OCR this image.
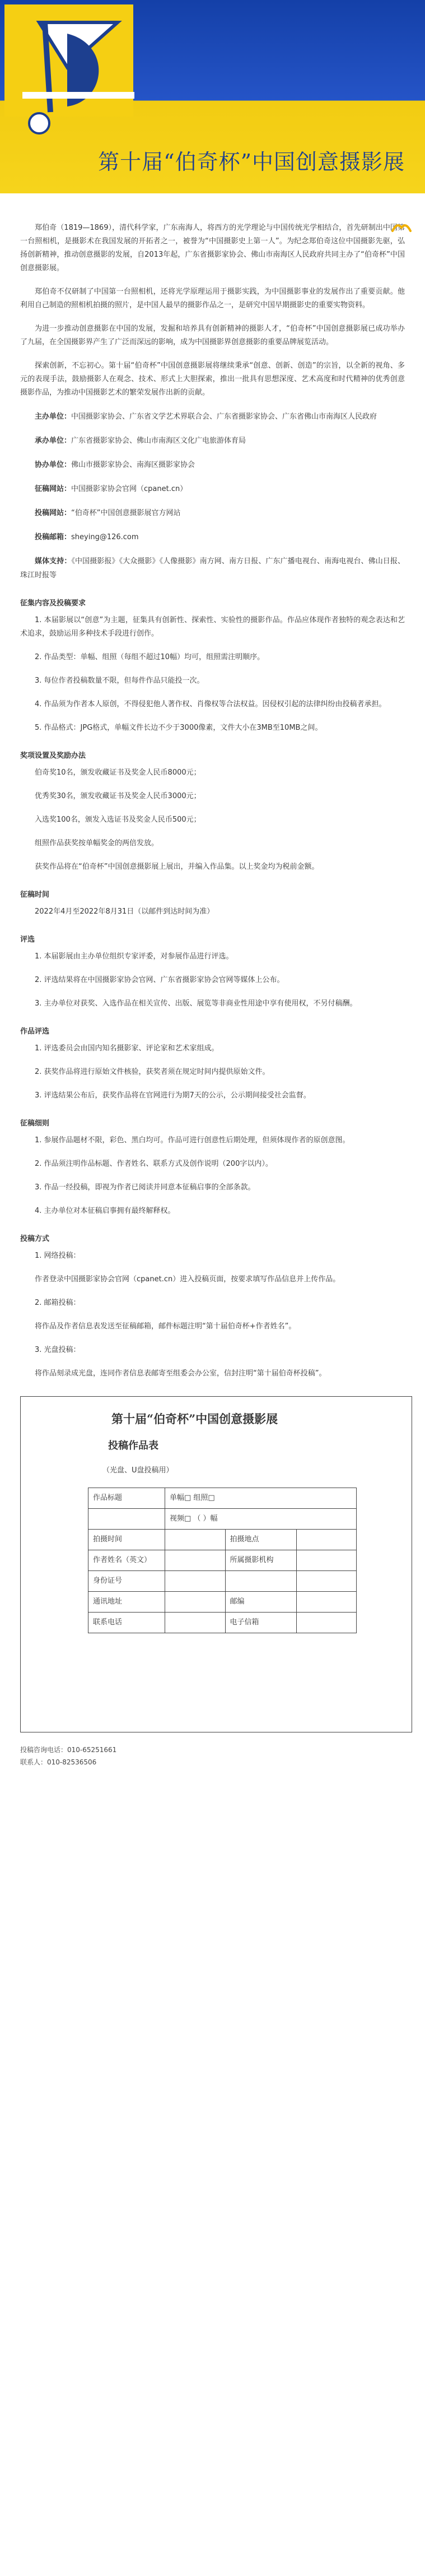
第十届“伯奇杯”中国创意摄影展

郑伯奇（1819—1869），清代科学家，广东南海人，将西方的光学理论与中国传统光学相结合，首先研制出中国第一台照相机，是摄影术在我国发展的开拓者之一，被誉为“中国摄影史上第一人”。为纪念郑伯奇这位中国摄影先驱，弘扬创新精神，推动创意摄影的发展，自2013年起，广东省摄影家协会、佛山市南海区人民政府共同主办了“伯奇杯”中国创意摄影展。

郑伯奇不仅研制了中国第一台照相机，还将光学原理运用于摄影实践，为中国摄影事业的发展作出了重要贡献。他利用自己制造的照相机拍摄的照片，是中国人最早的摄影作品之一，是研究中国早期摄影史的重要实物资料。

为进一步推动创意摄影在中国的发展，发掘和培养具有创新精神的摄影人才，“伯奇杯”中国创意摄影展已成功举办了九届，在全国摄影界产生了广泛而深远的影响，成为中国摄影界创意摄影的重要品牌展览活动。

探索创新，不忘初心。第十届“伯奇杯”中国创意摄影展将继续秉承“创意、创新、创造”的宗旨，以全新的视角、多元的表现手法，鼓励摄影人在观念、技术、形式上大胆探索，推出一批具有思想深度、艺术高度和时代精神的优秀创意摄影作品，为推动中国摄影艺术的繁荣发展作出新的贡献。

主办单位：中国摄影家协会、广东省文学艺术界联合会、广东省摄影家协会、广东省佛山市南海区人民政府

承办单位：广东省摄影家协会、佛山市南海区文化广电旅游体育局

协办单位：佛山市摄影家协会、南海区摄影家协会

征稿网站：中国摄影家协会官网（cpanet.cn）

投稿网站：“伯奇杯”中国创意摄影展官方网站

投稿邮箱：sheying@126.com

媒体支持：《中国摄影报》《大众摄影》《人像摄影》南方网、南方日报、广东广播电视台、南海电视台、佛山日报、珠江时报等

征集内容及投稿要求

1. 本届影展以“创意”为主题，征集具有创新性、探索性、实验性的摄影作品。作品应体现作者独特的观念表达和艺术追求，鼓励运用多种技术手段进行创作。

2. 作品类型：单幅、组照（每组不超过10幅）均可，组照需注明顺序。

3. 每位作者投稿数量不限，但每件作品只能投一次。

4. 作品须为作者本人原创，不得侵犯他人著作权、肖像权等合法权益。因侵权引起的法律纠纷由投稿者承担。

5. 作品格式：JPG格式，单幅文件长边不少于3000像素，文件大小在3MB至10MB之间。

奖项设置及奖励办法

伯奇奖10名，颁发收藏证书及奖金人民币8000元；

优秀奖30名，颁发收藏证书及奖金人民币3000元；

入选奖100名，颁发入选证书及奖金人民币500元；

组照作品获奖按单幅奖金的两倍发放。

获奖作品将在“伯奇杯”中国创意摄影展上展出，并编入作品集。以上奖金均为税前金额。

征稿时间

2022年4月至2022年8月31日（以邮件到达时间为准）

评选

1. 本届影展由主办单位组织专家评委，对参展作品进行评选。

2. 评选结果将在中国摄影家协会官网、广东省摄影家协会官网等媒体上公布。

3. 主办单位对获奖、入选作品在相关宣传、出版、展览等非商业性用途中享有使用权，不另付稿酬。

作品评选

1. 评选委员会由国内知名摄影家、评论家和艺术家组成。

2. 获奖作品将进行原始文件核验，获奖者须在规定时间内提供原始文件。

3. 评选结果公布后，获奖作品将在官网进行为期7天的公示，公示期间接受社会监督。

征稿细则

1. 参展作品题材不限，彩色、黑白均可。作品可进行创意性后期处理，但须体现作者的原创意图。

2. 作品须注明作品标题、作者姓名、联系方式及创作说明（200字以内）。

3. 作品一经投稿，即视为作者已阅读并同意本征稿启事的全部条款。

4. 主办单位对本征稿启事拥有最终解释权。

投稿方式

1. 网络投稿：

作者登录中国摄影家协会官网（cpanet.cn）进入投稿页面，按要求填写作品信息并上传作品。

2. 邮箱投稿：

将作品及作者信息表发送至征稿邮箱，邮件标题注明“第十届伯奇杯+作者姓名”。

3. 光盘投稿：

将作品刻录成光盘，连同作者信息表邮寄至组委会办公室，信封注明“第十届伯奇杯投稿”。

第十届“伯奇杯”中国创意摄影展

投稿作品表

（光盘、U盘投稿用）

作品标题	单幅□ 组照□		
	视频□ （ ）幅		
拍摄时间		拍摄地点	
作者姓名（英文）		所属摄影机构	
身份证号			
通讯地址		邮编	
联系电话		电子信箱	

投稿咨询电话：010-65251661

联系人：010-82536506
